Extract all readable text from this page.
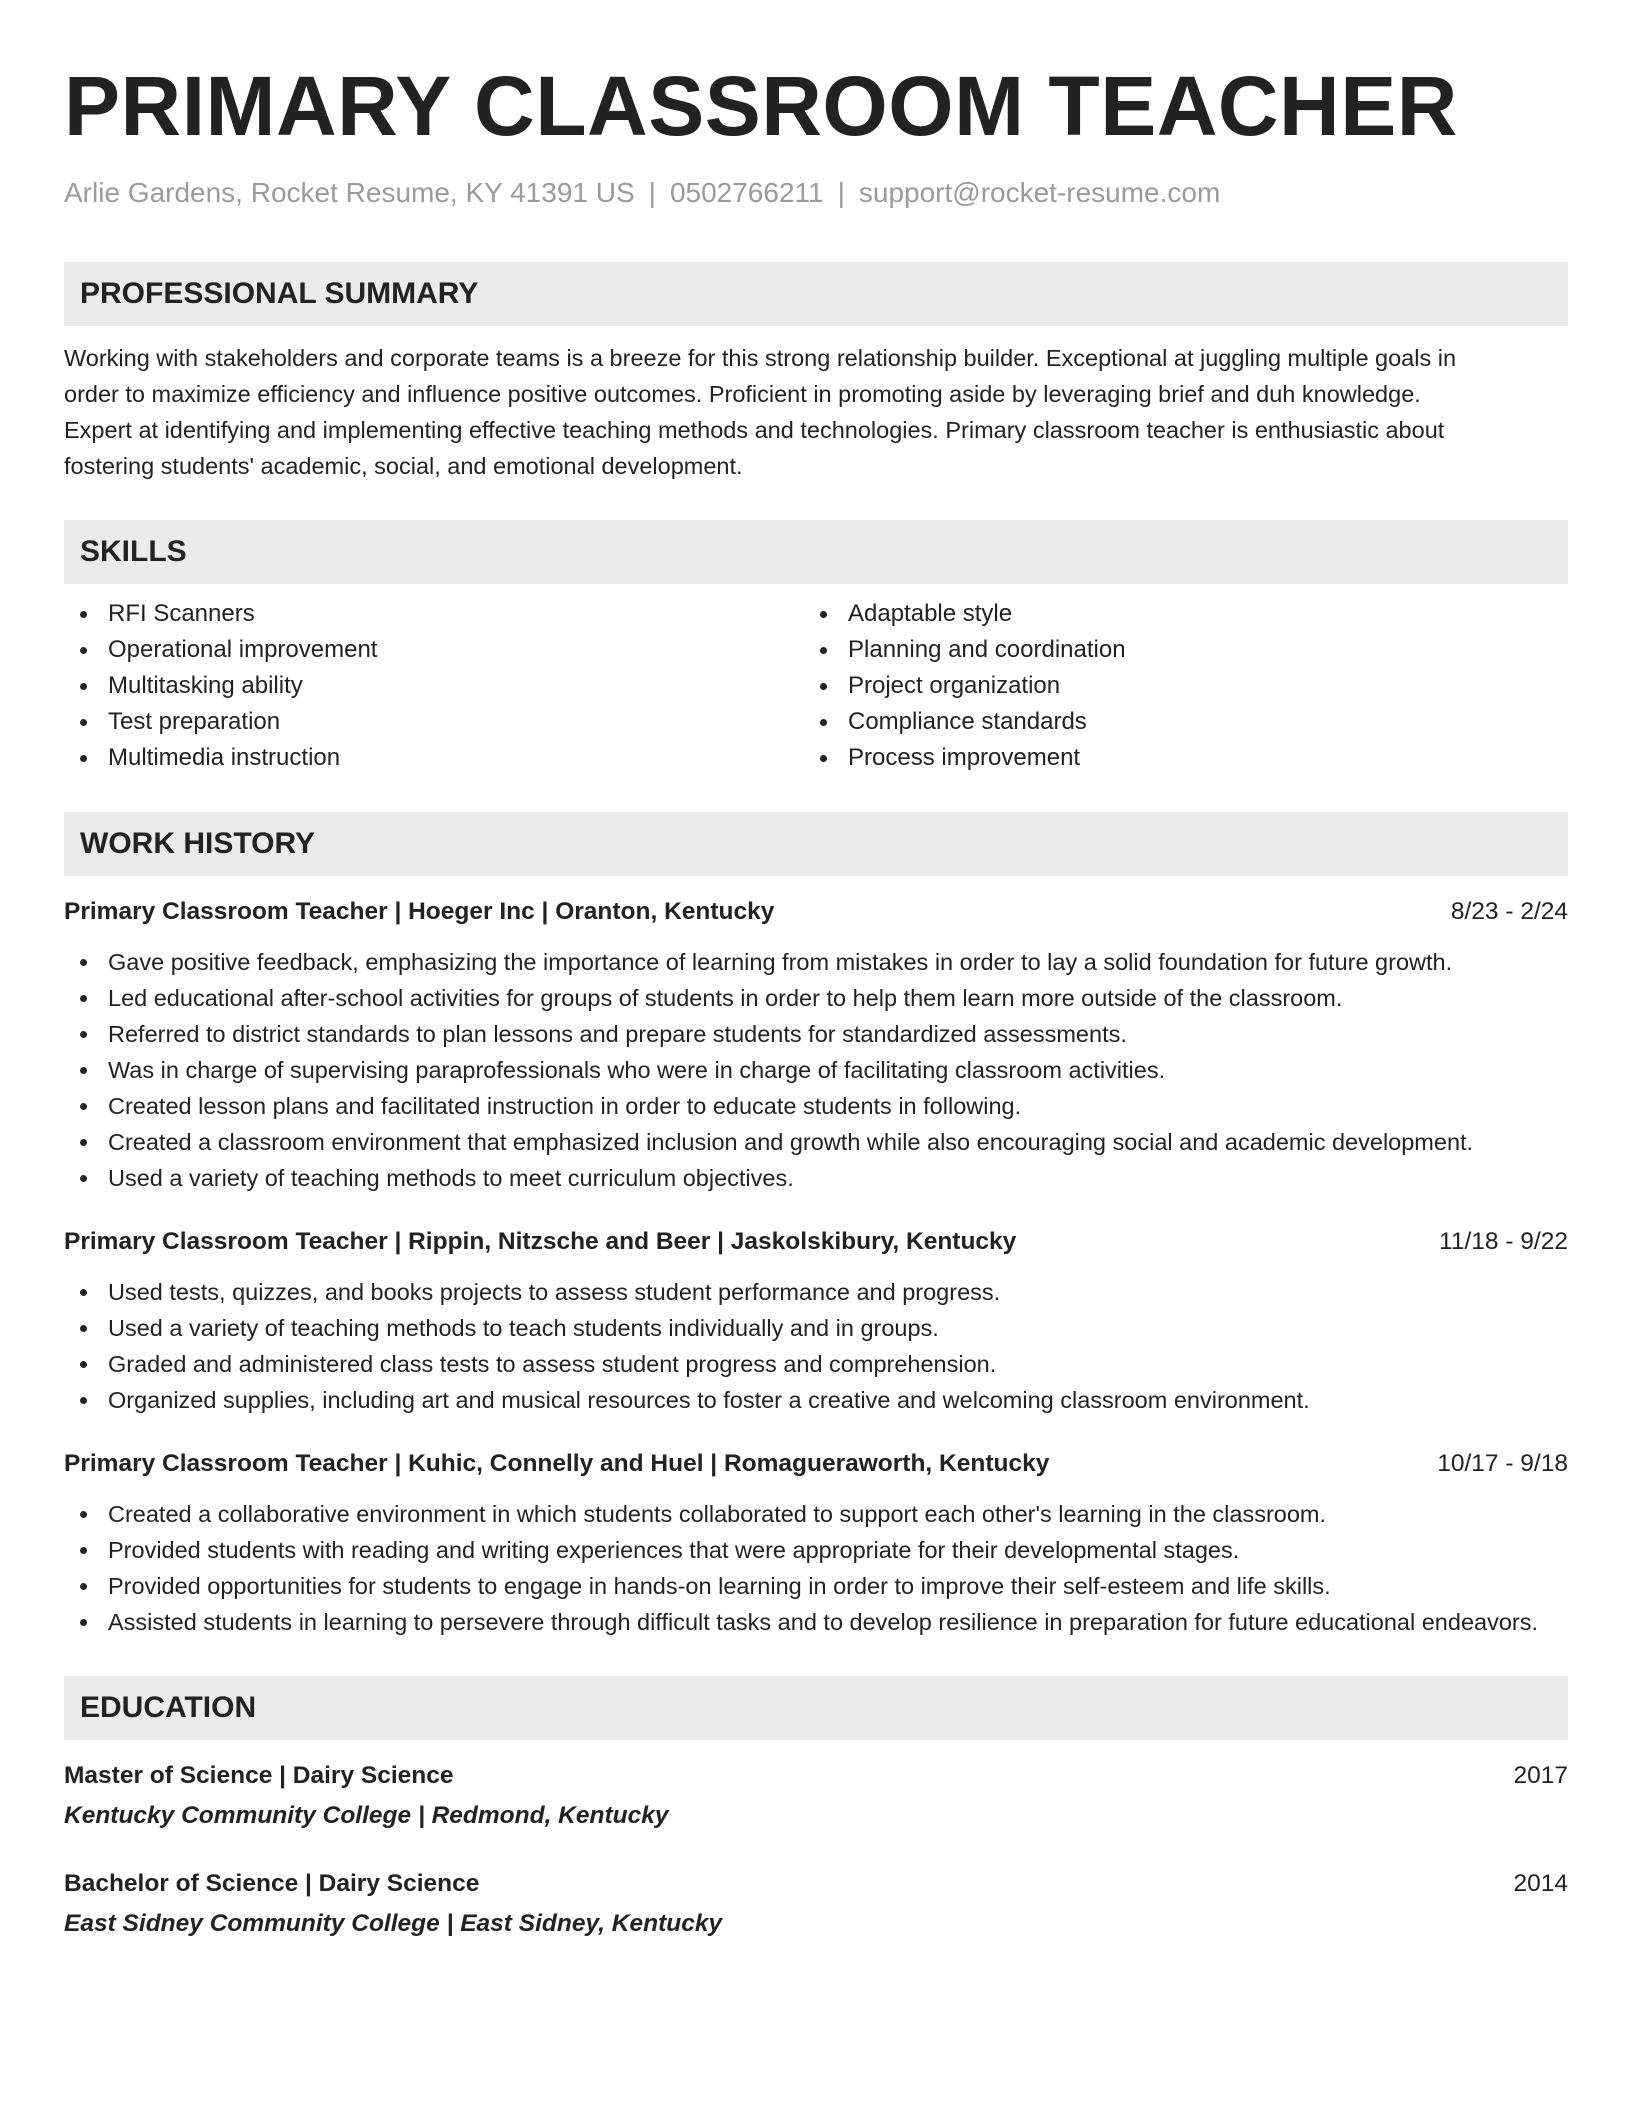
PRIMARY CLASSROOM TEACHER
Arlie Gardens, Rocket Resume, KY 41391 US | 0502766211 | support@rocket-resume.com
PROFESSIONAL SUMMARY
Working with stakeholders and corporate teams is a breeze for this strong relationship builder. Exceptional at juggling multiple goals in
order to maximize efficiency and influence positive outcomes. Proficient in promoting aside by leveraging brief and duh knowledge.
Expert at identifying and implementing effective teaching methods and technologies. Primary classroom teacher is enthusiastic about
fostering students' academic, social, and emotional development.
SKILLS
RFI Scanners
Operational improvement
Multitasking ability
Test preparation
Multimedia instruction
Adaptable style
Planning and coordination
Project organization
Compliance standards
Process improvement
WORK HISTORY
Primary Classroom Teacher | Hoeger Inc | Oranton, Kentucky	8/23 - 2/24
Gave positive feedback, emphasizing the importance of learning from mistakes in order to lay a solid foundation for future growth.
Led educational after-school activities for groups of students in order to help them learn more outside of the classroom.
Referred to district standards to plan lessons and prepare students for standardized assessments.
Was in charge of supervising paraprofessionals who were in charge of facilitating classroom activities.
Created lesson plans and facilitated instruction in order to educate students in following.
Created a classroom environment that emphasized inclusion and growth while also encouraging social and academic development.
Used a variety of teaching methods to meet curriculum objectives.
Primary Classroom Teacher | Rippin, Nitzsche and Beer | Jaskolskibury, Kentucky	11/18 - 9/22
Used tests, quizzes, and books projects to assess student performance and progress.
Used a variety of teaching methods to teach students individually and in groups.
Graded and administered class tests to assess student progress and comprehension.
Organized supplies, including art and musical resources to foster a creative and welcoming classroom environment.
Primary Classroom Teacher | Kuhic, Connelly and Huel | Romagueraworth, Kentucky	10/17 - 9/18
Created a collaborative environment in which students collaborated to support each other's learning in the classroom.
Provided students with reading and writing experiences that were appropriate for their developmental stages.
Provided opportunities for students to engage in hands-on learning in order to improve their self-esteem and life skills.
Assisted students in learning to persevere through difficult tasks and to develop resilience in preparation for future educational endeavors.
EDUCATION
Master of Science | Dairy Science	2017
Kentucky Community College | Redmond, Kentucky
Bachelor of Science | Dairy Science	2014
East Sidney Community College | East Sidney, Kentucky
